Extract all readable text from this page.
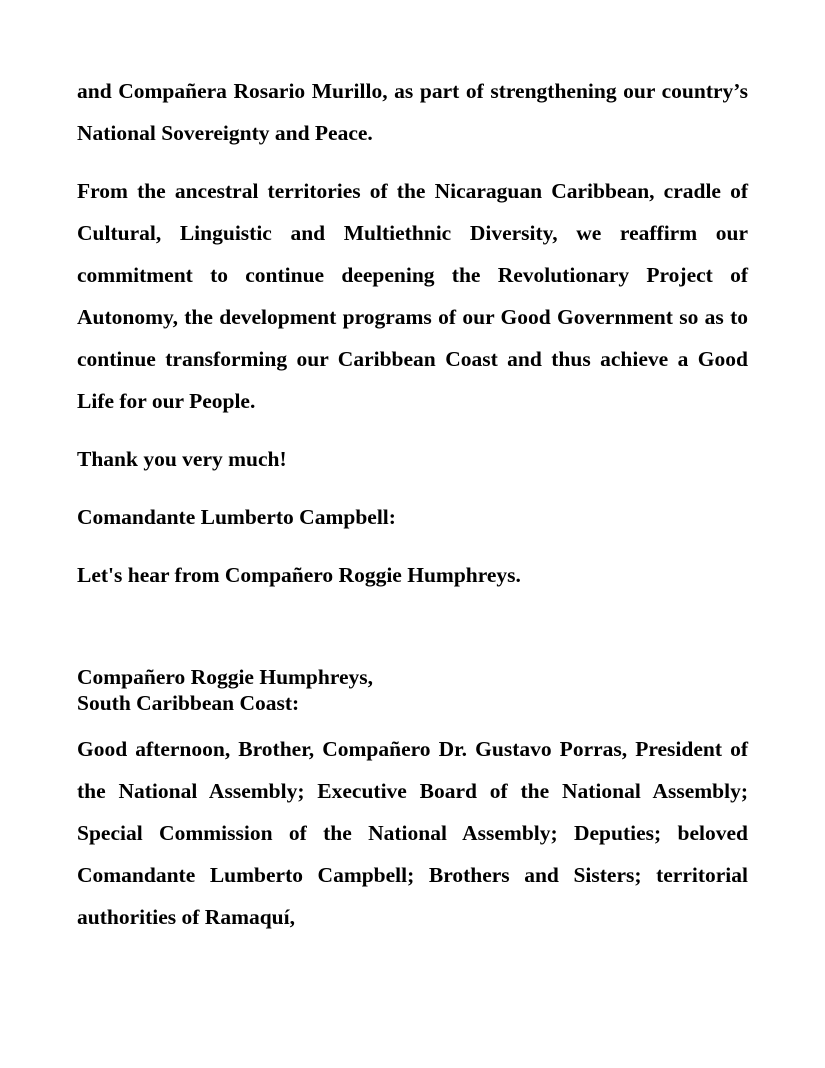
and Compañera Rosario Murillo, as part of strengthening our country’s National Sovereignty and Peace.

From the ancestral territories of the Nicaraguan Caribbean, cradle of Cultural, Linguistic and Multiethnic Diversity, we reaffirm our commitment to continue deepening the Revolutionary Project of Autonomy, the development programs of our Good Government so as to continue transforming our Caribbean Coast and thus achieve a Good Life for our People.

Thank you very much!

Comandante Lumberto Campbell:

Let's hear from Compañero Roggie Humphreys.

Compañero Roggie Humphreys,
South Caribbean Coast:

Good afternoon, Brother, Compañero Dr. Gustavo Porras, President of the National Assembly; Executive Board of the National Assembly; Special Commission of the National Assembly; Deputies; beloved Comandante Lumberto Campbell; Brothers and Sisters; territorial authorities of Ramaquí,
